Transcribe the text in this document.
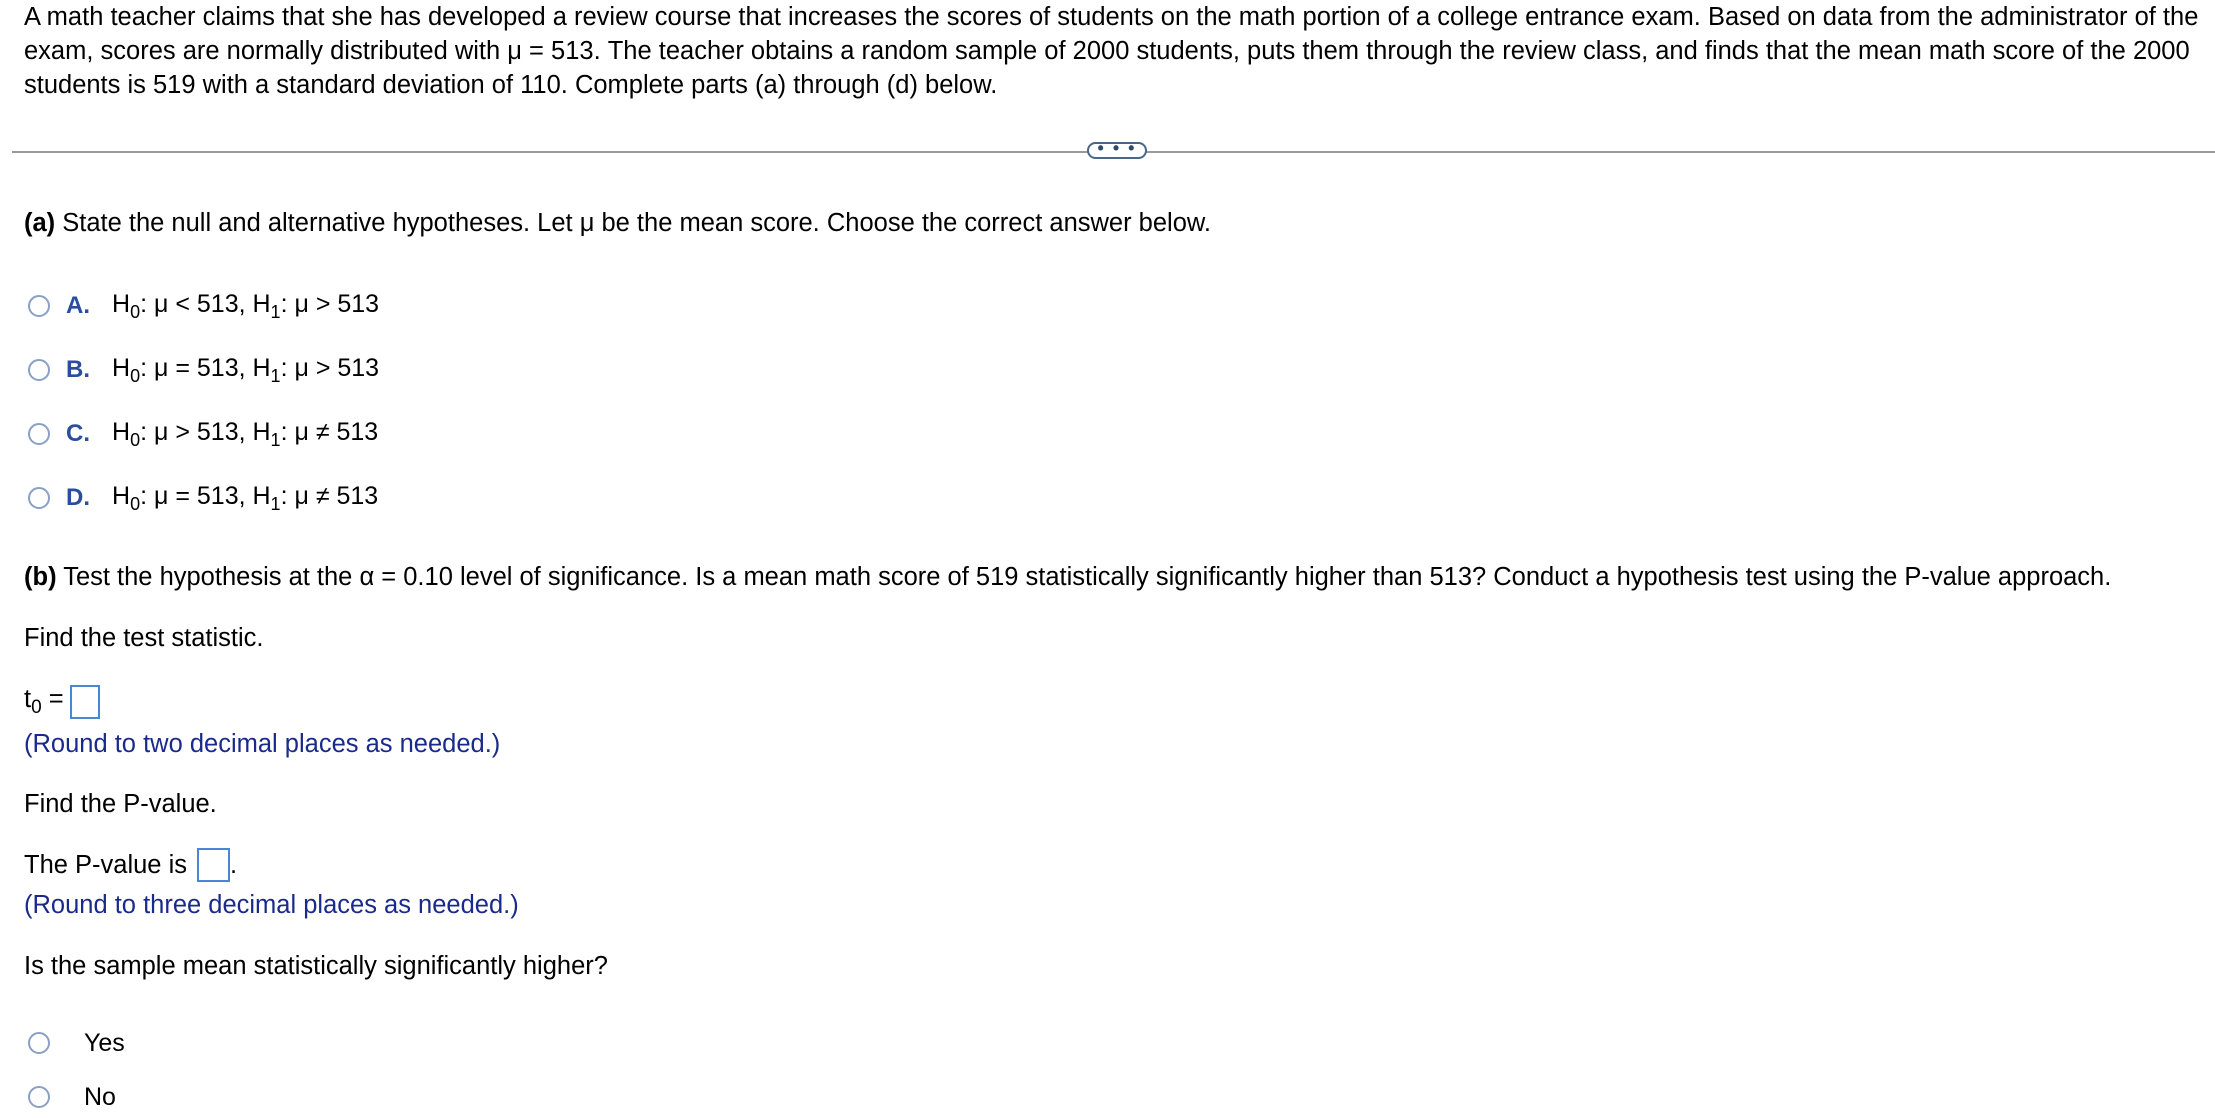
A math teacher claims that she has developed a review course that increases the scores of students on the math portion of a college entrance exam. Based on data from the administrator of the exam, scores are normally distributed with μ = 513. The teacher obtains a random sample of 2000 students, puts them through the review class, and finds that the mean math score of the 2000 students is 519 with a standard deviation of 110. Complete parts (a) through (d) below.
• • •
(a) State the null and alternative hypotheses. Let μ be the mean score. Choose the correct answer below.
A. $H_0$: μ < 513, $H_1$: μ > 513
B. $H_0$: μ = 513, $H_1$: μ > 513
C. $H_0$: μ > 513, $H_1$: μ ≠ 513
D. $H_0$: μ = 513, $H_1$: μ ≠ 513
(b) Test the hypothesis at the α = 0.10 level of significance. Is a mean math score of 519 statistically significantly higher than 513? Conduct a hypothesis test using the P-value approach.
Find the test statistic.
$t_0$ =
(Round to two decimal places as needed.)
Find the P-value.
The P-value is .
(Round to three decimal places as needed.)
Is the sample mean statistically significantly higher?
Yes
No
